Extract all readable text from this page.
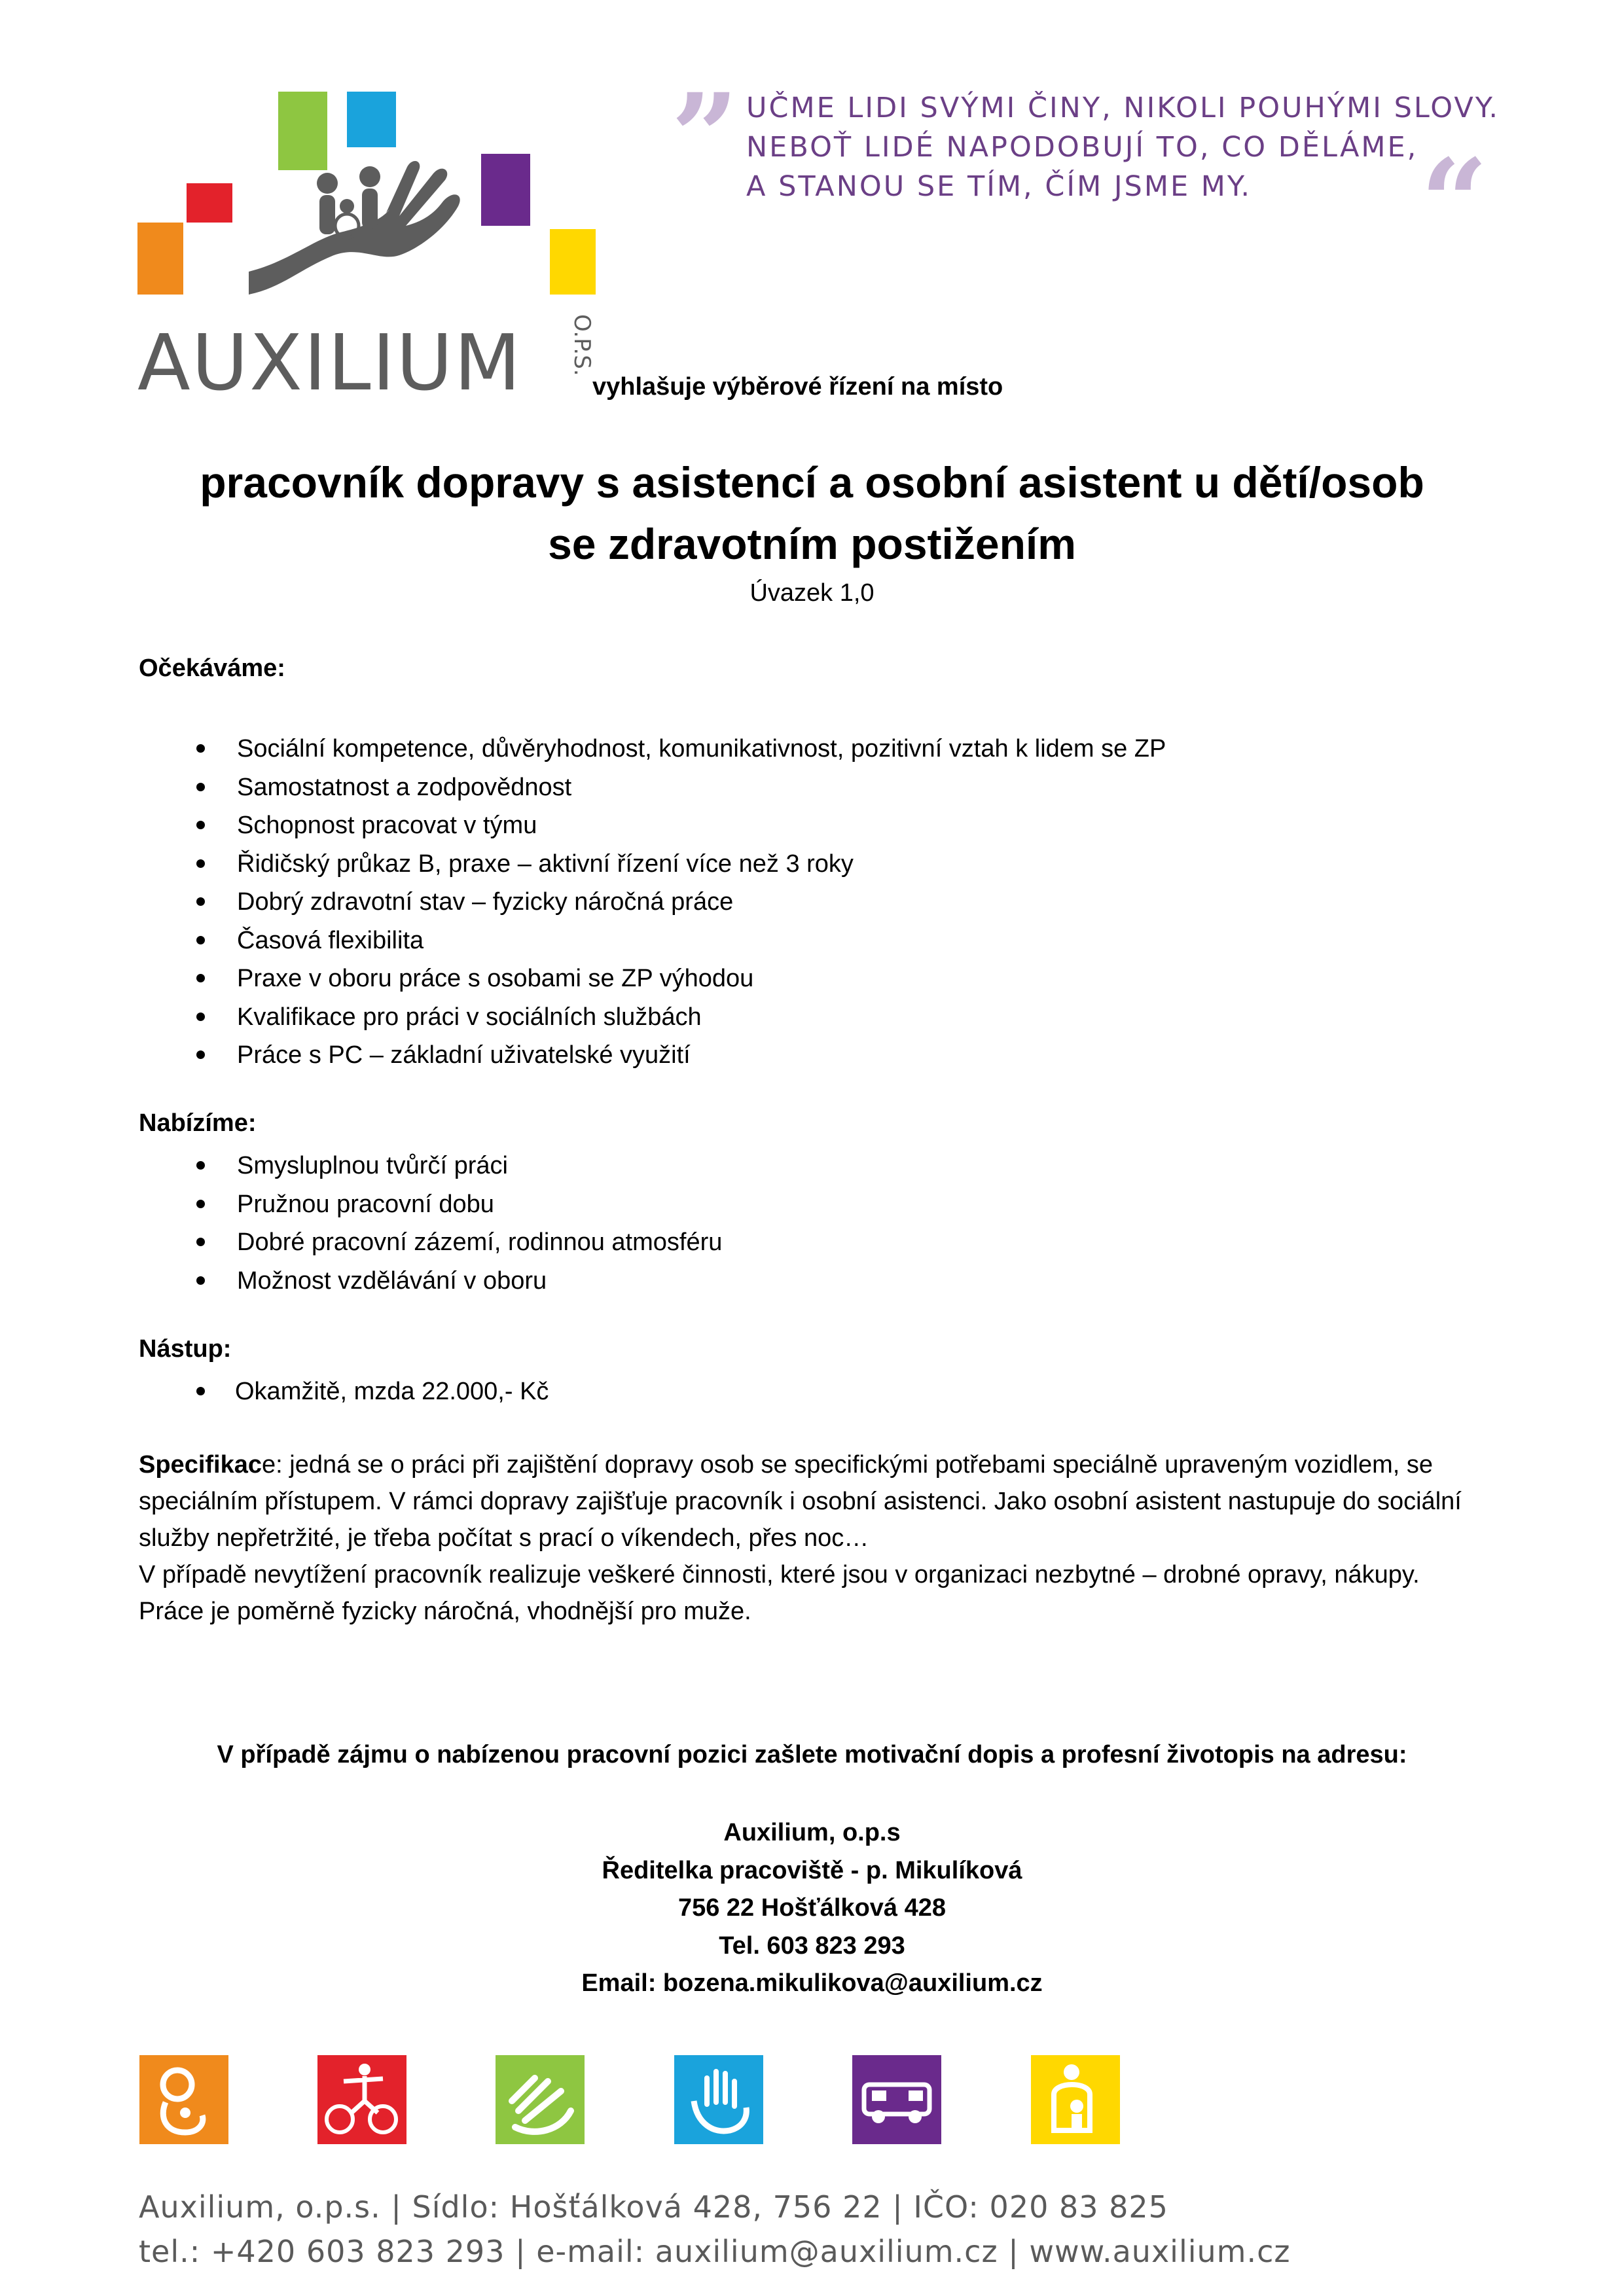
AUXILIUM O.P.S.
”	“
UČME LIDI SVÝMI ČINY, NIKOLI POUHÝMI SLOVY.
NEBOŤ LIDÉ NAPODOBUJÍ TO, CO DĚLÁME,
A STANOU SE TÍM, ČÍM JSME MY.
vyhlašuje výběrové řízení na místo
pracovník dopravy s asistencí a osobní asistent u dětí/osob
se zdravotním postižením
Úvazek 1,0
Očekáváme:
Sociální kompetence, důvěryhodnost, komunikativnost, pozitivní vztah k lidem se ZP
Samostatnost a zodpovědnost
Schopnost pracovat v týmu
Řidičský průkaz B, praxe – aktivní řízení více než 3 roky
Dobrý zdravotní stav – fyzicky náročná práce
Časová flexibilita
Praxe v oboru práce s osobami se ZP výhodou
Kvalifikace pro práci v sociálních službách
Práce s PC – základní uživatelské využití
Nabízíme:
Smysluplnou tvůrčí práci
Pružnou pracovní dobu
Dobré pracovní zázemí, rodinnou atmosféru
Možnost vzdělávání v oboru
Nástup:
Okamžitě, mzda 22.000,- Kč

Specifikace: jedná se o práci při zajištění dopravy osob se specifickými potřebami speciálně upraveným vozidlem, se speciálním přístupem. V rámci dopravy zajišťuje pracovník i osobní asistenci. Jako osobní asistent nastupuje do sociální služby nepřetržité, je třeba počítat s prací o víkendech, přes noc…

V případě nevytížení pracovník realizuje veškeré činnosti, které jsou v organizaci nezbytné – drobné opravy, nákupy.

Práce je poměrně fyzicky náročná, vhodnější pro muže.

V případě zájmu o nabízenou pracovní pozici zašlete motivační dopis a profesní životopis na adresu:
Auxilium, o.p.s
Ředitelka pracoviště - p. Mikulíková
756 22 Hošťálková 428
Tel. 603 823 293
Email: bozena.mikulikova@auxilium.cz
Auxilium, o.p.s. | Sídlo: Hošťálková 428, 756 22 | IČO: 020 83 825
tel.: +420 603 823 293 | e-mail: auxilium@auxilium.cz | www.auxilium.cz
